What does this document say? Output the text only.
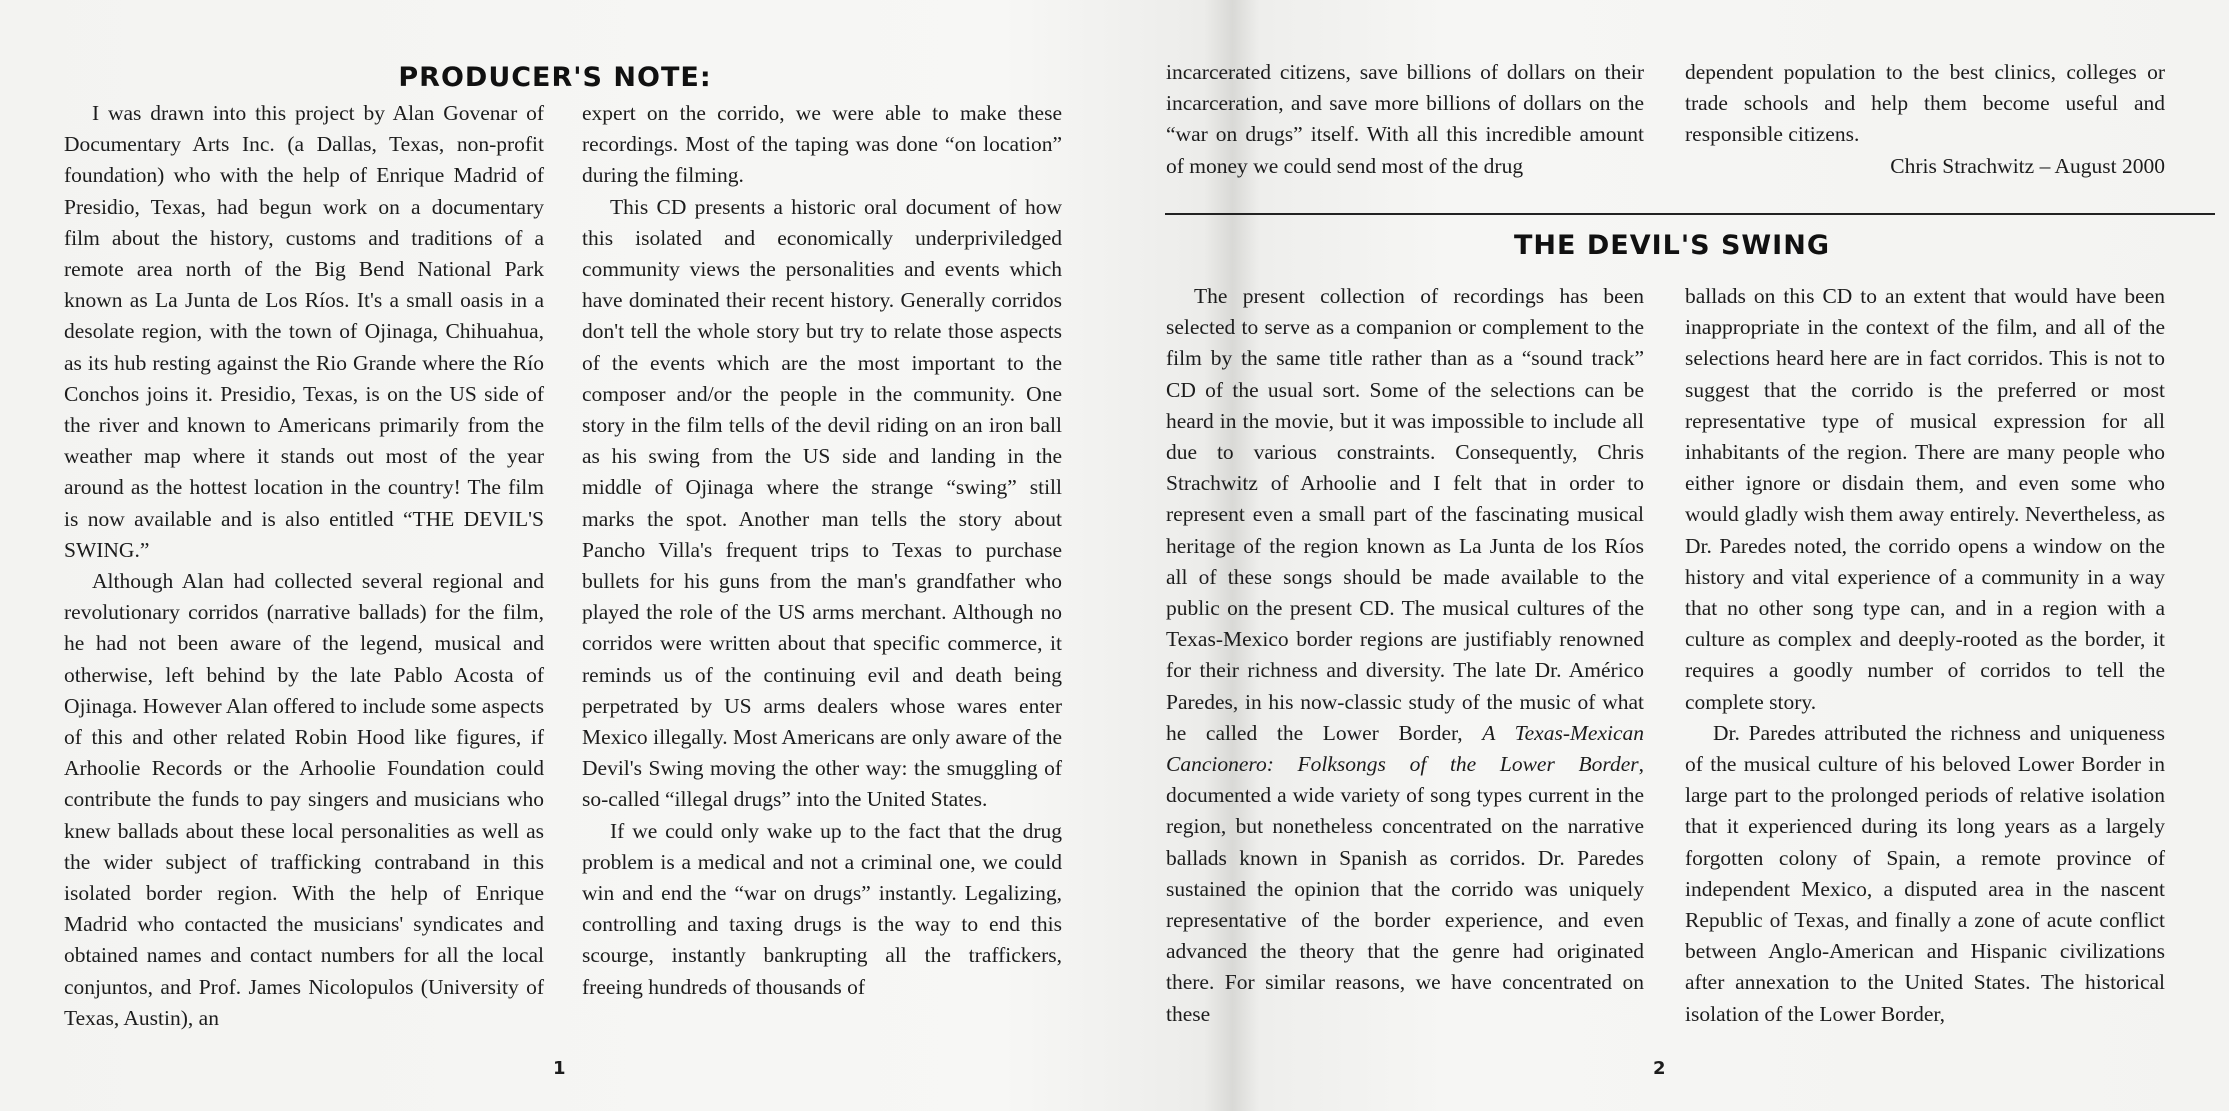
PRODUCER'S NOTE:

I was drawn into this project by Alan Govenar of Documentary Arts Inc. (a Dallas, Texas, non-profit foundation) who with the help of Enrique Madrid of Presidio, Texas, had begun work on a documentary film about the history, customs and traditions of a remote area north of the Big Bend National Park known as La Junta de Los Ríos. It's a small oasis in a desolate region, with the town of Ojinaga, Chihuahua, as its hub resting against the Rio Grande where the Río Conchos joins it. Presidio, Texas, is on the US side of the river and known to Americans primarily from the weather map where it stands out most of the year around as the hottest location in the country! The film is now available and is also entitled “THE DEVIL'S SWING.”

Although Alan had collected several regional and revolutionary corridos (narrative ballads) for the film, he had not been aware of the legend, musical and otherwise, left behind by the late Pablo Acosta of Ojinaga. However Alan offered to include some aspects of this and other related Robin Hood like figures, if Arhoolie Records or the Arhoolie Foundation could contribute the funds to pay singers and musicians who knew ballads about these local personalities as well as the wider subject of trafficking contraband in this isolated border region. With the help of Enrique Madrid who contacted the musicians' syndicates and obtained names and contact numbers for all the local conjuntos, and Prof. James Nicolopulos (University of Texas, Austin), an

expert on the corrido, we were able to make these recordings. Most of the taping was done “on location” during the filming.

This CD presents a historic oral document of how this isolated and economically underpriviledged community views the personalities and events which have dominated their recent history. Generally corridos don't tell the whole story but try to relate those aspects of the events which are the most important to the composer and/or the people in the community. One story in the film tells of the devil riding on an iron ball as his swing from the US side and landing in the middle of Ojinaga where the strange “swing” still marks the spot. Another man tells the story about Pancho Villa's frequent trips to Texas to purchase bullets for his guns from the man's grandfather who played the role of the US arms merchant. Although no corridos were written about that specific commerce, it reminds us of the continuing evil and death being perpetrated by US arms dealers whose wares enter Mexico illegally. Most Americans are only aware of the Devil's Swing moving the other way: the smuggling of so-called “illegal drugs” into the United States.

If we could only wake up to the fact that the drug problem is a medical and not a criminal one, we could win and end the “war on drugs” instantly. Legalizing, controlling and taxing drugs is the way to end this scourge, instantly bankrupting all the traffickers, freeing hundreds of thousands of

1

incarcerated citizens, save billions of dollars on their incarceration, and save more billions of dollars on the “war on drugs” itself. With all this incredible amount of money we could send most of the drug

dependent population to the best clinics, colleges or trade schools and help them become useful and responsible citizens.

Chris Strachwitz – August 2000

THE DEVIL'S SWING

The present collection of recordings has been selected to serve as a companion or complement to the film by the same title rather than as a “sound track” CD of the usual sort. Some of the selections can be heard in the movie, but it was impossible to include all due to various constraints. Consequently, Chris Strachwitz of Arhoolie and I felt that in order to represent even a small part of the fascinating musical heritage of the region known as La Junta de los Ríos all of these songs should be made available to the public on the present CD. The musical cultures of the Texas-Mexico border regions are justifiably renowned for their richness and diversity. The late Dr. Américo Paredes, in his now-classic study of the music of what he called the Lower Border, A Texas-Mexican Cancionero: Folksongs of the Lower Border, documented a wide variety of song types current in the region, but nonetheless concentrated on the narrative ballads known in Spanish as corridos. Dr. Paredes sustained the opinion that the corrido was uniquely representative of the border experience, and even advanced the theory that the genre had originated there. For similar reasons, we have concentrated on these

ballads on this CD to an extent that would have been inappropriate in the context of the film, and all of the selections heard here are in fact corridos. This is not to suggest that the corrido is the preferred or most representative type of musical expression for all inhabitants of the region. There are many people who either ignore or disdain them, and even some who would gladly wish them away entirely. Nevertheless, as Dr. Paredes noted, the corrido opens a window on the history and vital experience of a community in a way that no other song type can, and in a region with a culture as complex and deeply-rooted as the border, it requires a goodly number of corridos to tell the complete story.

Dr. Paredes attributed the richness and uniqueness of the musical culture of his beloved Lower Border in large part to the prolonged periods of relative isolation that it experienced during its long years as a largely forgotten colony of Spain, a remote province of independent Mexico, a disputed area in the nascent Republic of Texas, and finally a zone of acute conflict between Anglo-American and Hispanic civilizations after annexation to the United States. The historical isolation of the Lower Border,

2
